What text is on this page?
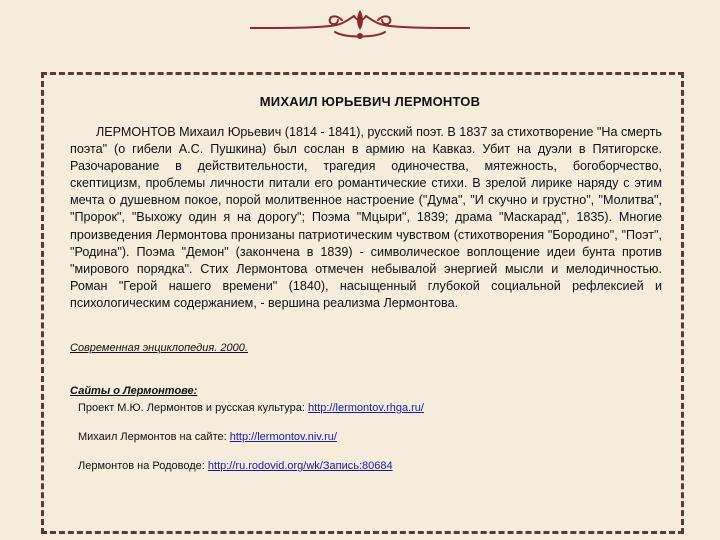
МИХАИЛ ЮРЬЕВИЧ ЛЕРМОНТОВ

ЛЕРМОНТОВ Михаил Юрьевич (1814 - 1841), русский поэт. В 1837 за стихотворение "На смерть поэта" (о гибели А.С. Пушкина) был сослан в армию на Кавказ. Убит на дуэли в Пятигорске. Разочарование в действительности, трагедия одиночества, мятежность, богоборчество, скептицизм, проблемы личности питали его романтические стихи. В зрелой лирике наряду с этим мечта о душевном покое, порой молитвенное настроение ("Дума", "И скучно и грустно", "Молитва", "Пророк", "Выхожу один я на дорогу"; Поэма "Мцыри", 1839; драма "Маскарад", 1835). Многие произведения Лермонтова пронизаны патриотическим чувством (стихотворения "Бородино", "Поэт", "Родина"). Поэма "Демон" (закончена в 1839) - символическое воплощение идеи бунта против "мирового порядка". Стих Лермонтова отмечен небывалой энергией мысли и мелодичностью. Роман "Герой нашего времени" (1840), насыщенный глубокой социальной рефлексией и психологическим содержанием, - вершина реализма Лермонтова.

Современная энциклопедия. 2000.
Сайты о Лермонтове:
Проект М.Ю. Лермонтов и русская культура: http://lermontov.rhga.ru/
Михаил Лермонтов на сайте: http://lermontov.niv.ru/
Лермонтов на Родоводе: http://ru.rodovid.org/wk/Запись:80684
